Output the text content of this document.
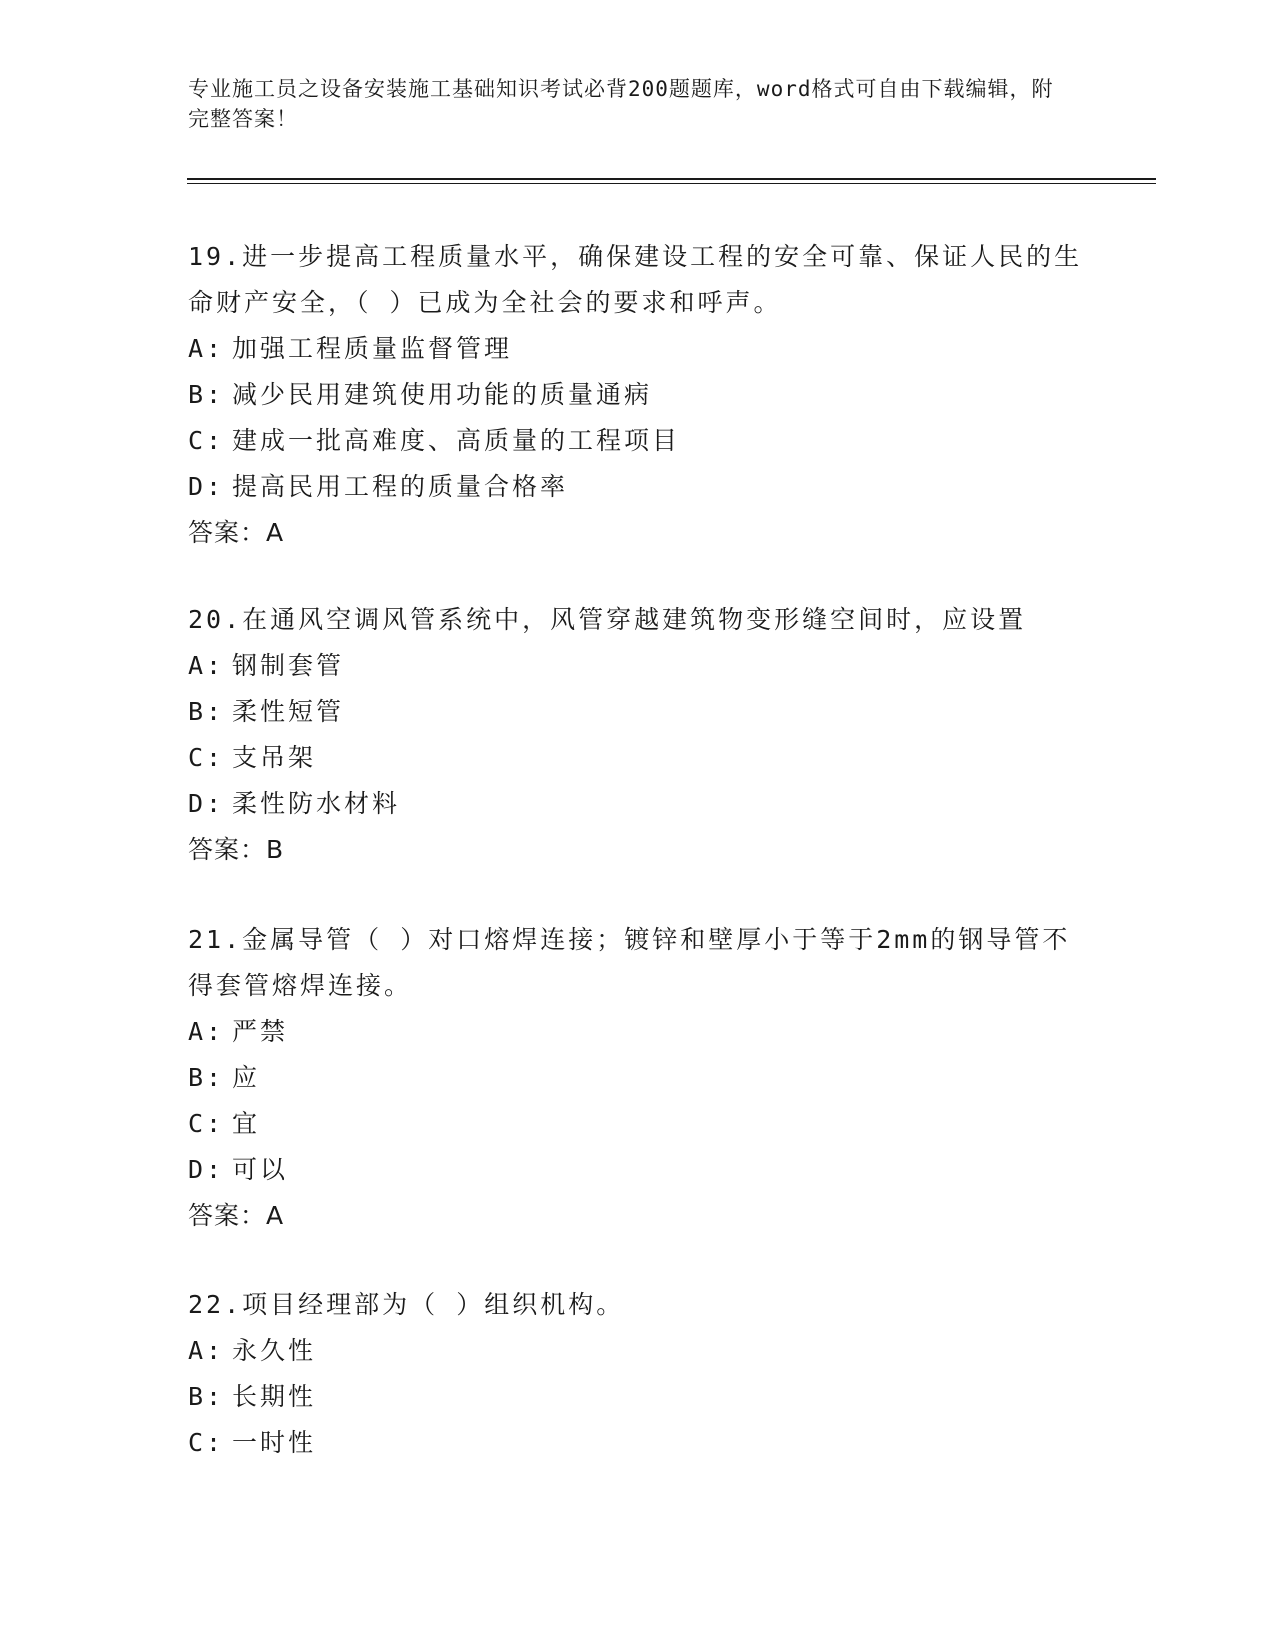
专业施工员之设备安装施工基础知识考试必背200题题库，word格式可自由下载编辑，附完整答案！

19.进一步提高工程质量水平，确保建设工程的安全可靠、保证人民的生命财产安全，（ ）已成为全社会的要求和呼声。

A: 加强工程质量监督管理

B: 减少民用建筑使用功能的质量通病

C: 建成一批高难度、高质量的工程项目

D: 提高民用工程的质量合格率

答案：A

20.在通风空调风管系统中，风管穿越建筑物变形缝空间时，应设置

A: 钢制套管

B: 柔性短管

C: 支吊架

D: 柔性防水材料

答案：B

21.金属导管（ ）对口熔焊连接；镀锌和壁厚小于等于2mm的钢导管不得套管熔焊连接。

A: 严禁

B: 应

C: 宜

D: 可以

答案：A

22.项目经理部为（ ）组织机构。

A: 永久性

B: 长期性

C: 一时性
